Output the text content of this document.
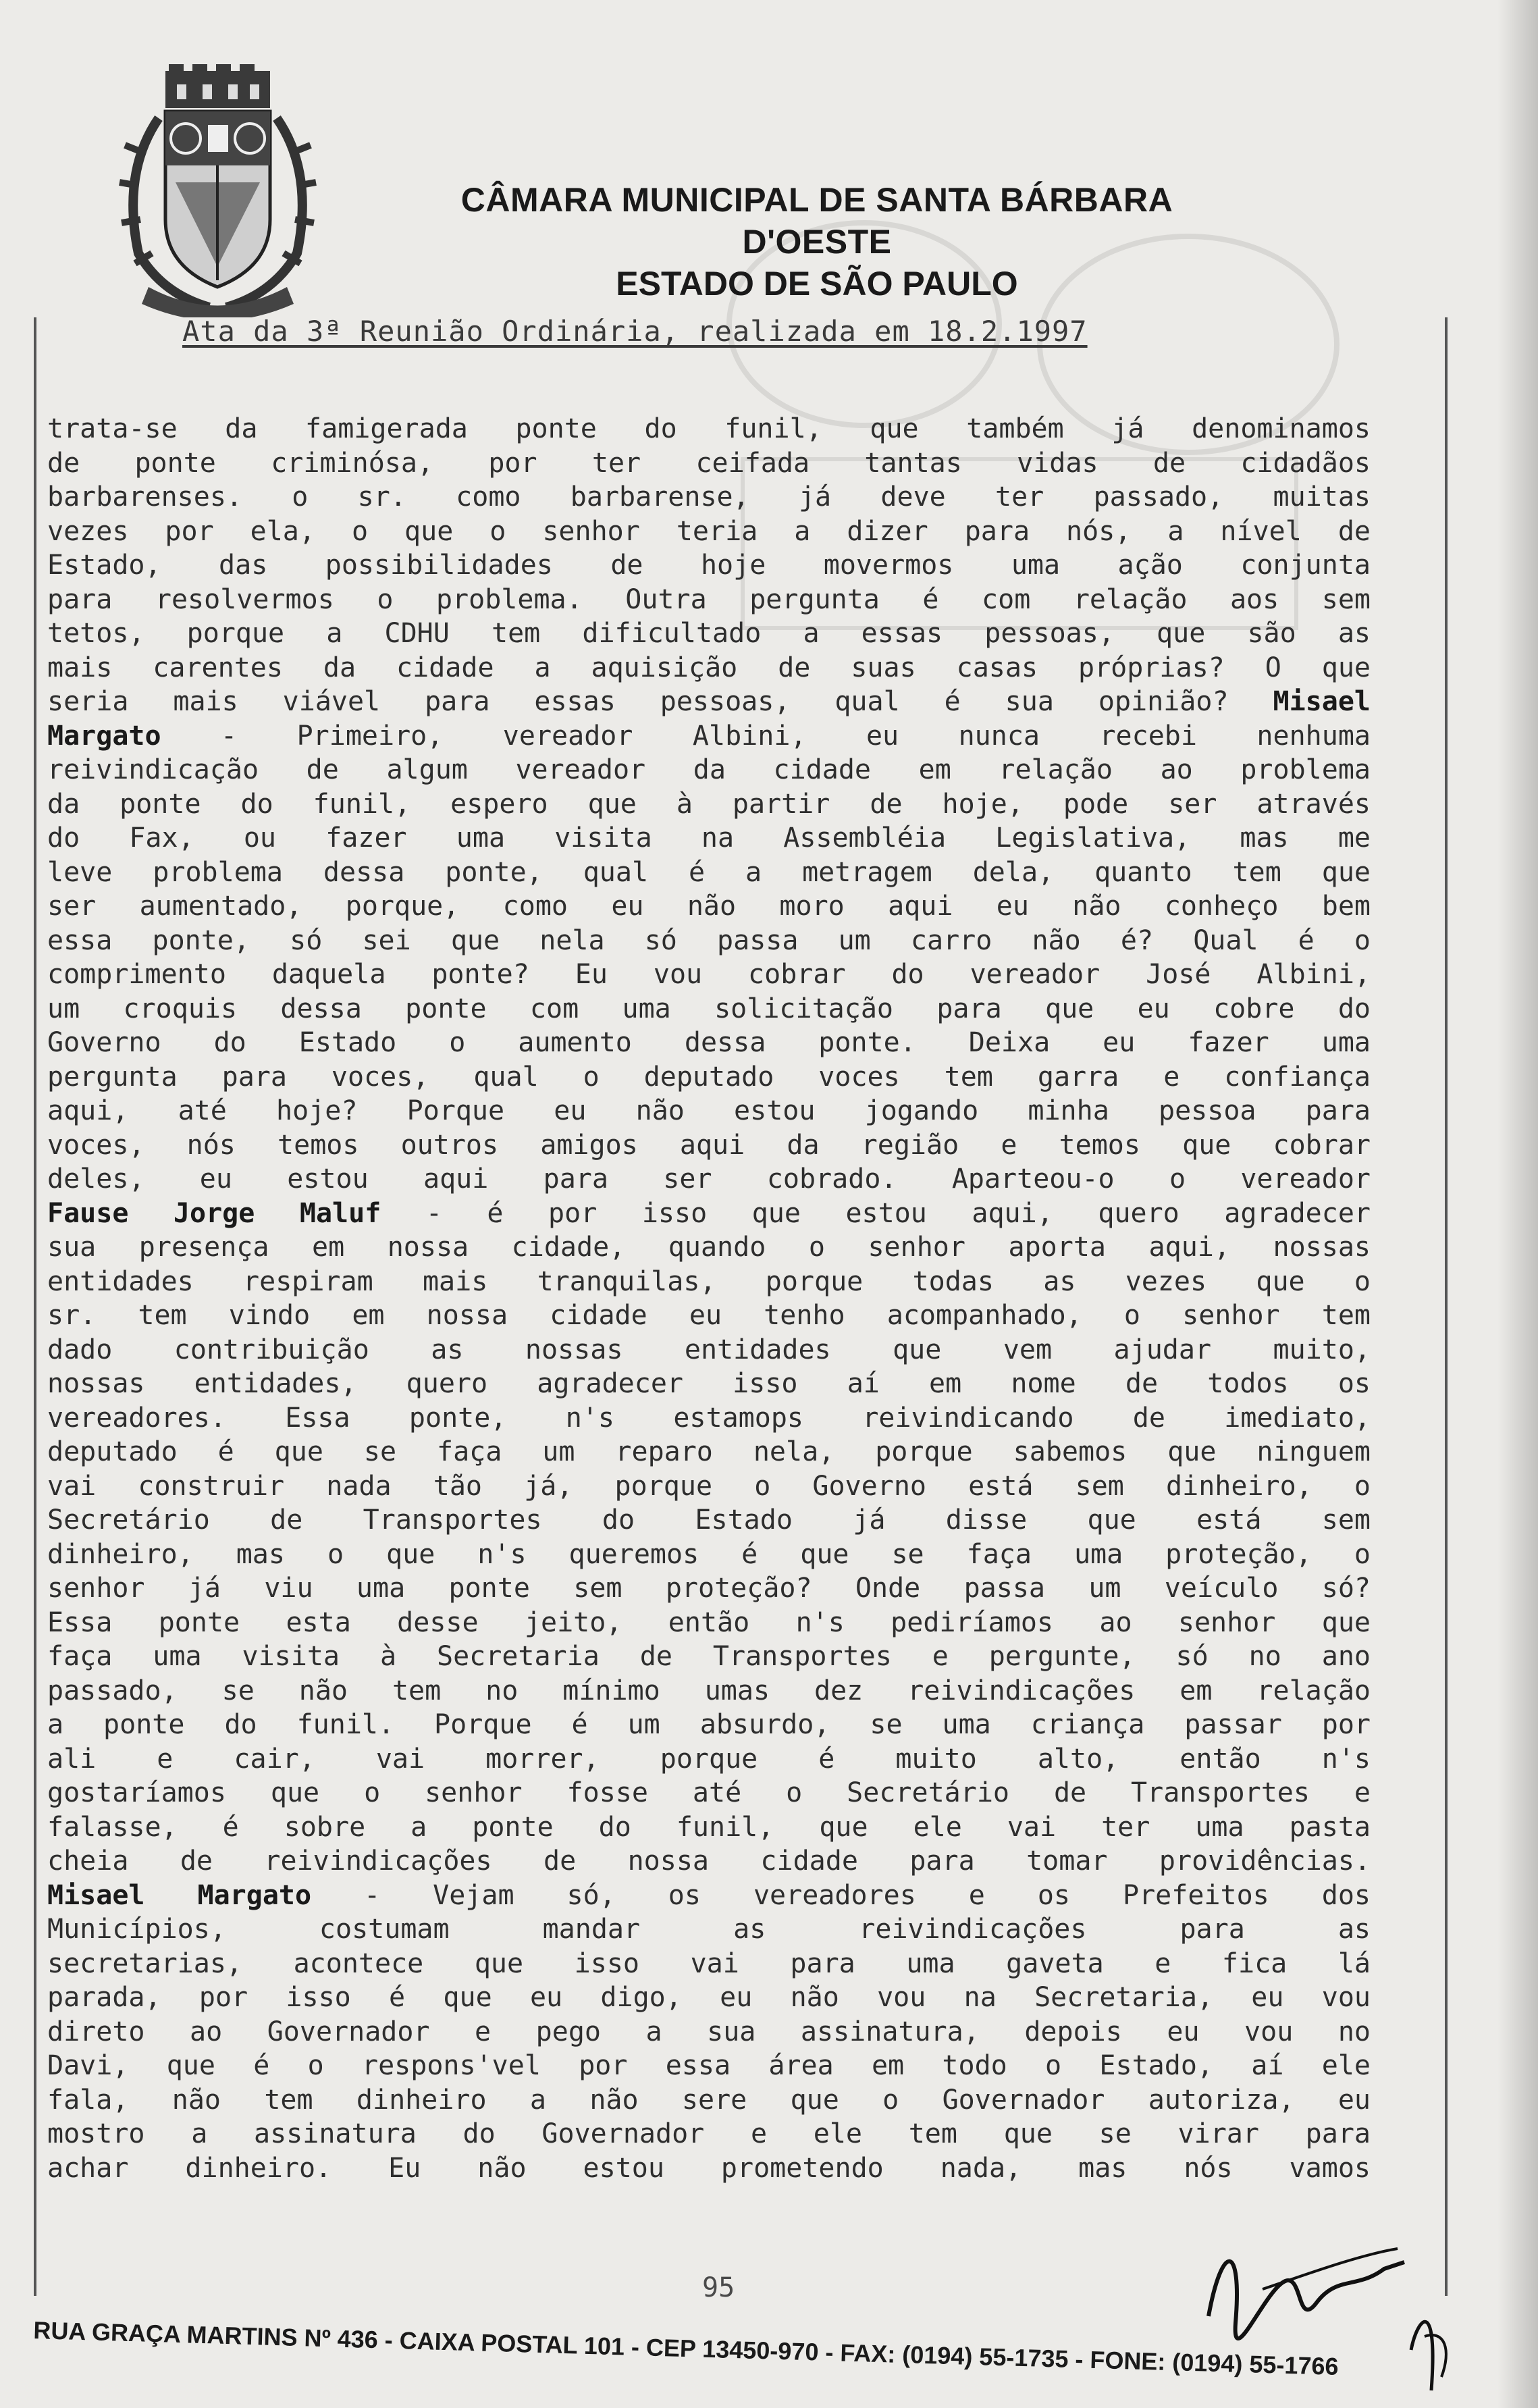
CÂMARA MUNICIPAL DE SANTA BÁRBARA D'OESTE
ESTADO DE SÃO PAULO
Ata da 3ª Reunião Ordinária, realizada em 18.2.1997
trata-se da famigerada ponte do funil, que também já denominamos
de ponte criminósa, por ter ceifada tantas vidas de cidadãos
barbarenses. o sr. como barbarense, já deve ter passado, muitas
vezes por ela, o que o senhor teria a dizer para nós, a nível de
Estado, das possibilidades de hoje movermos uma ação conjunta
para resolvermos o problema. Outra pergunta é com relação aos sem
tetos, porque a CDHU tem dificultado a essas pessoas, que são as
mais carentes da cidade a aquisição de suas casas próprias? O que
seria mais viável para essas pessoas, qual é sua opinião? Misael
Margato - Primeiro, vereador Albini, eu nunca recebi nenhuma
reivindicação de algum vereador da cidade em relação ao problema
da ponte do funil, espero que à partir de hoje, pode ser através
do Fax, ou fazer uma visita na Assembléia Legislativa, mas me
leve problema dessa ponte, qual é a metragem dela, quanto tem que
ser aumentado, porque, como eu não moro aqui eu não conheço bem
essa ponte, só sei que nela só passa um carro não é? Qual é o
comprimento daquela ponte? Eu vou cobrar do vereador José Albini,
um croquis dessa ponte com uma solicitação para que eu cobre do
Governo do Estado o aumento dessa ponte. Deixa eu fazer uma
pergunta para voces, qual o deputado voces tem garra e confiança
aqui, até hoje? Porque eu não estou jogando minha pessoa para
voces, nós temos outros amigos aqui da região e temos que cobrar
deles, eu estou aqui para ser cobrado. Aparteou-o o vereador
Fause Jorge Maluf - é por isso que estou aqui, quero agradecer
sua presença em nossa cidade, quando o senhor aporta aqui, nossas
entidades respiram mais tranquilas, porque todas as vezes que o
sr. tem vindo em nossa cidade eu tenho acompanhado, o senhor tem
dado contribuição as nossas entidades que vem ajudar muito,
nossas entidades, quero agradecer isso aí em nome de todos os
vereadores. Essa ponte, n's estamops reivindicando de imediato,
deputado é que se faça um reparo nela, porque sabemos que ninguem
vai construir nada tão já, porque o Governo está sem dinheiro, o
Secretário de Transportes do Estado já disse que está sem
dinheiro, mas o que n's queremos é que se faça uma proteção, o
senhor já viu uma ponte sem proteção? Onde passa um veículo só?
Essa ponte esta desse jeito, então n's pediríamos ao senhor que
faça uma visita à Secretaria de Transportes e pergunte, só no ano
passado, se não tem no mínimo umas dez reivindicações em relação
a ponte do funil. Porque é um absurdo, se uma criança passar por
ali e cair, vai morrer, porque é muito alto, então n's
gostaríamos que o senhor fosse até o Secretário de Transportes e
falasse, é sobre a ponte do funil, que ele vai ter uma pasta
cheia de reivindicações de nossa cidade para tomar providências.
Misael Margato - Vejam só, os vereadores e os Prefeitos dos
Municípios, costumam mandar as reivindicações para as
secretarias, acontece que isso vai para uma gaveta e fica lá
parada, por isso é que eu digo, eu não vou na Secretaria, eu vou
direto ao Governador e pego a sua assinatura, depois eu vou no
Davi, que é o respons'vel por essa área em todo o Estado, aí ele
fala, não tem dinheiro a não sere que o Governador autoriza, eu
mostro a assinatura do Governador e ele tem que se virar para
achar dinheiro. Eu não estou prometendo nada, mas nós vamos
95
RUA GRAÇA MARTINS Nº 436 - CAIXA POSTAL 101 - CEP 13450-970 - FAX: (0194) 55-1735 - FONE: (0194) 55-1766
